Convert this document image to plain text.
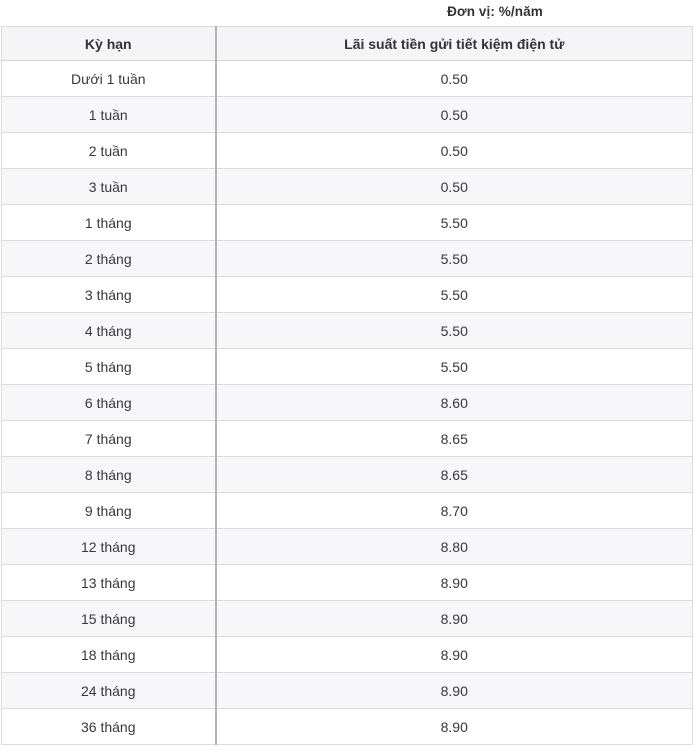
Đơn vị: %/năm
Kỳ hạn	Lãi suất tiền gửi tiết kiệm điện tử
Dưới 1 tuần	0.50
1 tuần	0.50
2 tuần	0.50
3 tuần	0.50
1 tháng	5.50
2 tháng	5.50
3 tháng	5.50
4 tháng	5.50
5 tháng	5.50
6 tháng	8.60
7 tháng	8.65
8 tháng	8.65
9 tháng	8.70
12 tháng	8.80
13 tháng	8.90
15 tháng	8.90
18 tháng	8.90
24 tháng	8.90
36 tháng	8.90
